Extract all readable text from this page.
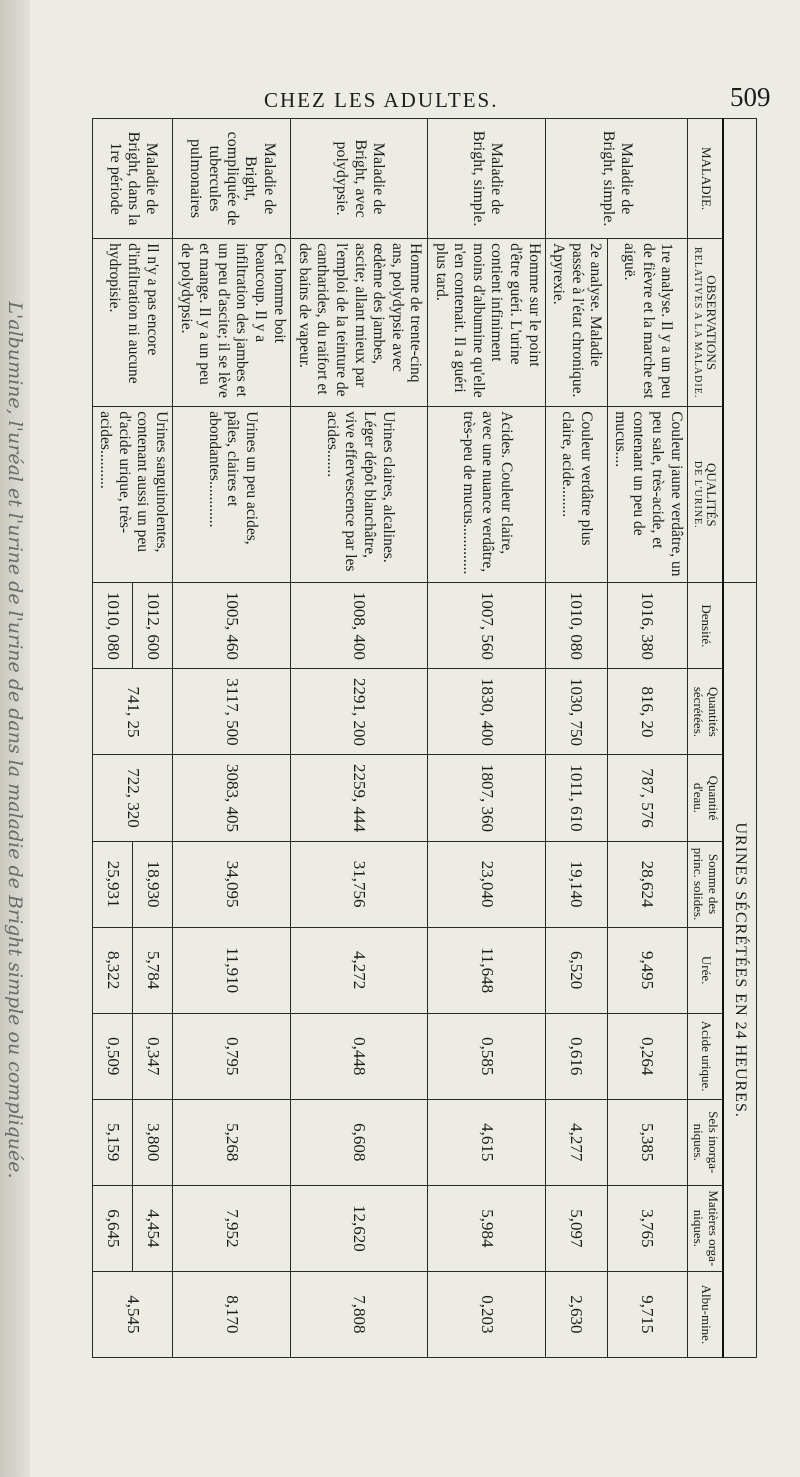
L'albumine, l'uréal et l'urine de l'urine de dans la maladie de Bright simple ou compliquée.
CHEZ LES ADULTES.	509
			URINES SÉCRÉTÉES EN 24 HEURES.								
MALADIE.	OBSERVATIONS
RELATIVES A LA MALADIE.	QUALITÉS
DE L'URINE.	Densité.	Quantités sécrétées.	Quantité d'eau.	Somme des princ. solides.	Urée.	Acide urique.	Sels inorga-niques.	Matières orga-niques.	Albu-mine.
Maladie de Bright, simple.	1re analyse. Il y a un peu de fièvre et la marche est aiguë.	Couleur jaune verdâtre, un peu sale, très-acide, et contenant un peu de mucus....	1016, 380	816, 20	787, 576	28,624	9,495	0,264	5,385	3,765	9,715
	2e analyse. Maladie passée à l'état chronique. Apyrexie.	Couleur verdâtre plus claire, acide........	1010, 080	1030, 750	1011, 610	19,140	6,520	0,616	4,277	5,097	2,630
Maladie de Bright, simple.	Homme sur le point d'être guéri. L'urine contient infiniment moins d'albumine qu'elle n'en contenait. Il a guéri plus tard.	Acides. Couleur claire, avec une nuance verdâtre, très-peu de mucus.............	1007, 560	1830, 400	1807, 360	23,040	11,648	0,585	4,615	5,984	0,203
Maladie de Bright, avec polydypsie.	Homme de trente-cinq ans, polydypsie avec œdème des jambes, ascite; allant mieux par l'emploi de la teinture de cantharides, du raifort et des bains de vapeur.	Urines claires, alcalines. Léger dépôt blanchâtre, vive effervescence par les acides.......	1008, 400	2291, 200	2259, 444	31,756	4,272	0,448	6,608	12,620	7,808
Maladie de Bright, compliquée de tubercules pulmonaires	Cet homme boit beaucoup. Il y a infiltration des jambes et un peu d'ascite; il se lève et mange. Il y a un peu de polydypsie.	Urines un peu acides, pâles, claires et abondantes............	1005, 460	3117, 500	3083, 405	34,095	11,910	0,795	5,268	7,952	8,170
Maladie de Bright, dans la 1re période	Il n'y a pas encore d'infiltration ni aucune hydropisie.	Urines sanguinolentes, contenant aussi un peu d'acide urique, très-acides..........	1012, 600	741, 25	722, 320	18,930	5,784	0,347	3,800	4,454	4,545
			1010, 080			25,931	8,322	0,509	5,159	6,645	
